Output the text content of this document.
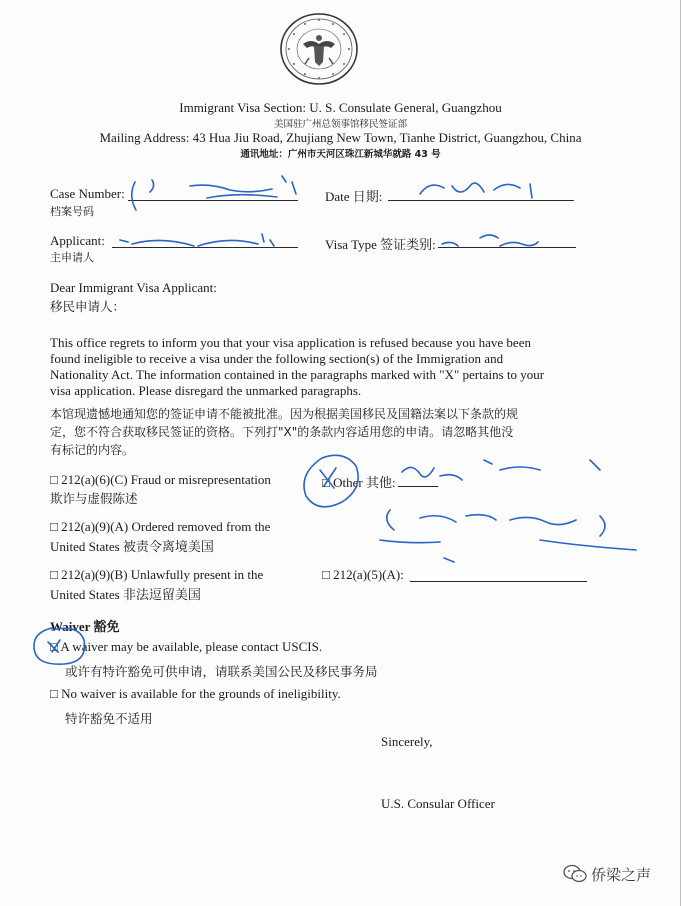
Immigrant Visa Section: U. S. Consulate General, Guangzhou
美国驻广州总领事馆移民签证部
Mailing Address: 43 Hua Jiu Road, Zhujiang New Town, Tianhe District, Guangzhou, China
通讯地址：广州市天河区珠江新城华就路 43 号
Case Number:
档案号码
Date 日期:
Applicant:
主申请人
Visa Type 签证类别:
Dear Immigrant Visa Applicant:
移民申请人：
This office regrets to inform you that your visa application is refused because you have been
found ineligible to receive a visa under the following section(s) of the Immigration and
Nationality Act. The information contained in the paragraphs marked with "X" pertains to your
visa application. Please disregard the unmarked paragraphs.
本馆现遗憾地通知您的签证申请不能被批准。因为根据美国移民及国籍法案以下条款的规
定，您不符合获取移民签证的资格。下列打"X"的条款内容适用您的申请。请忽略其他没
有标记的内容。
□ 212(a)(6)(C) Fraud or misrepresentation
欺诈与虚假陈述
□ Other 其他:
□ 212(a)(9)(A) Ordered removed from the
United States 被责令离境美国
□ 212(a)(9)(B) Unlawfully present in the
United States 非法逗留美国
□ 212(a)(5)(A):
Waiver 豁免
□ A waiver may be available, please contact USCIS.
或许有特许豁免可供申请，请联系美国公民及移民事务局
□ No waiver is available for the grounds of ineligibility.
特许豁免不适用
Sincerely,
U.S. Consular Officer
侨梁之声
